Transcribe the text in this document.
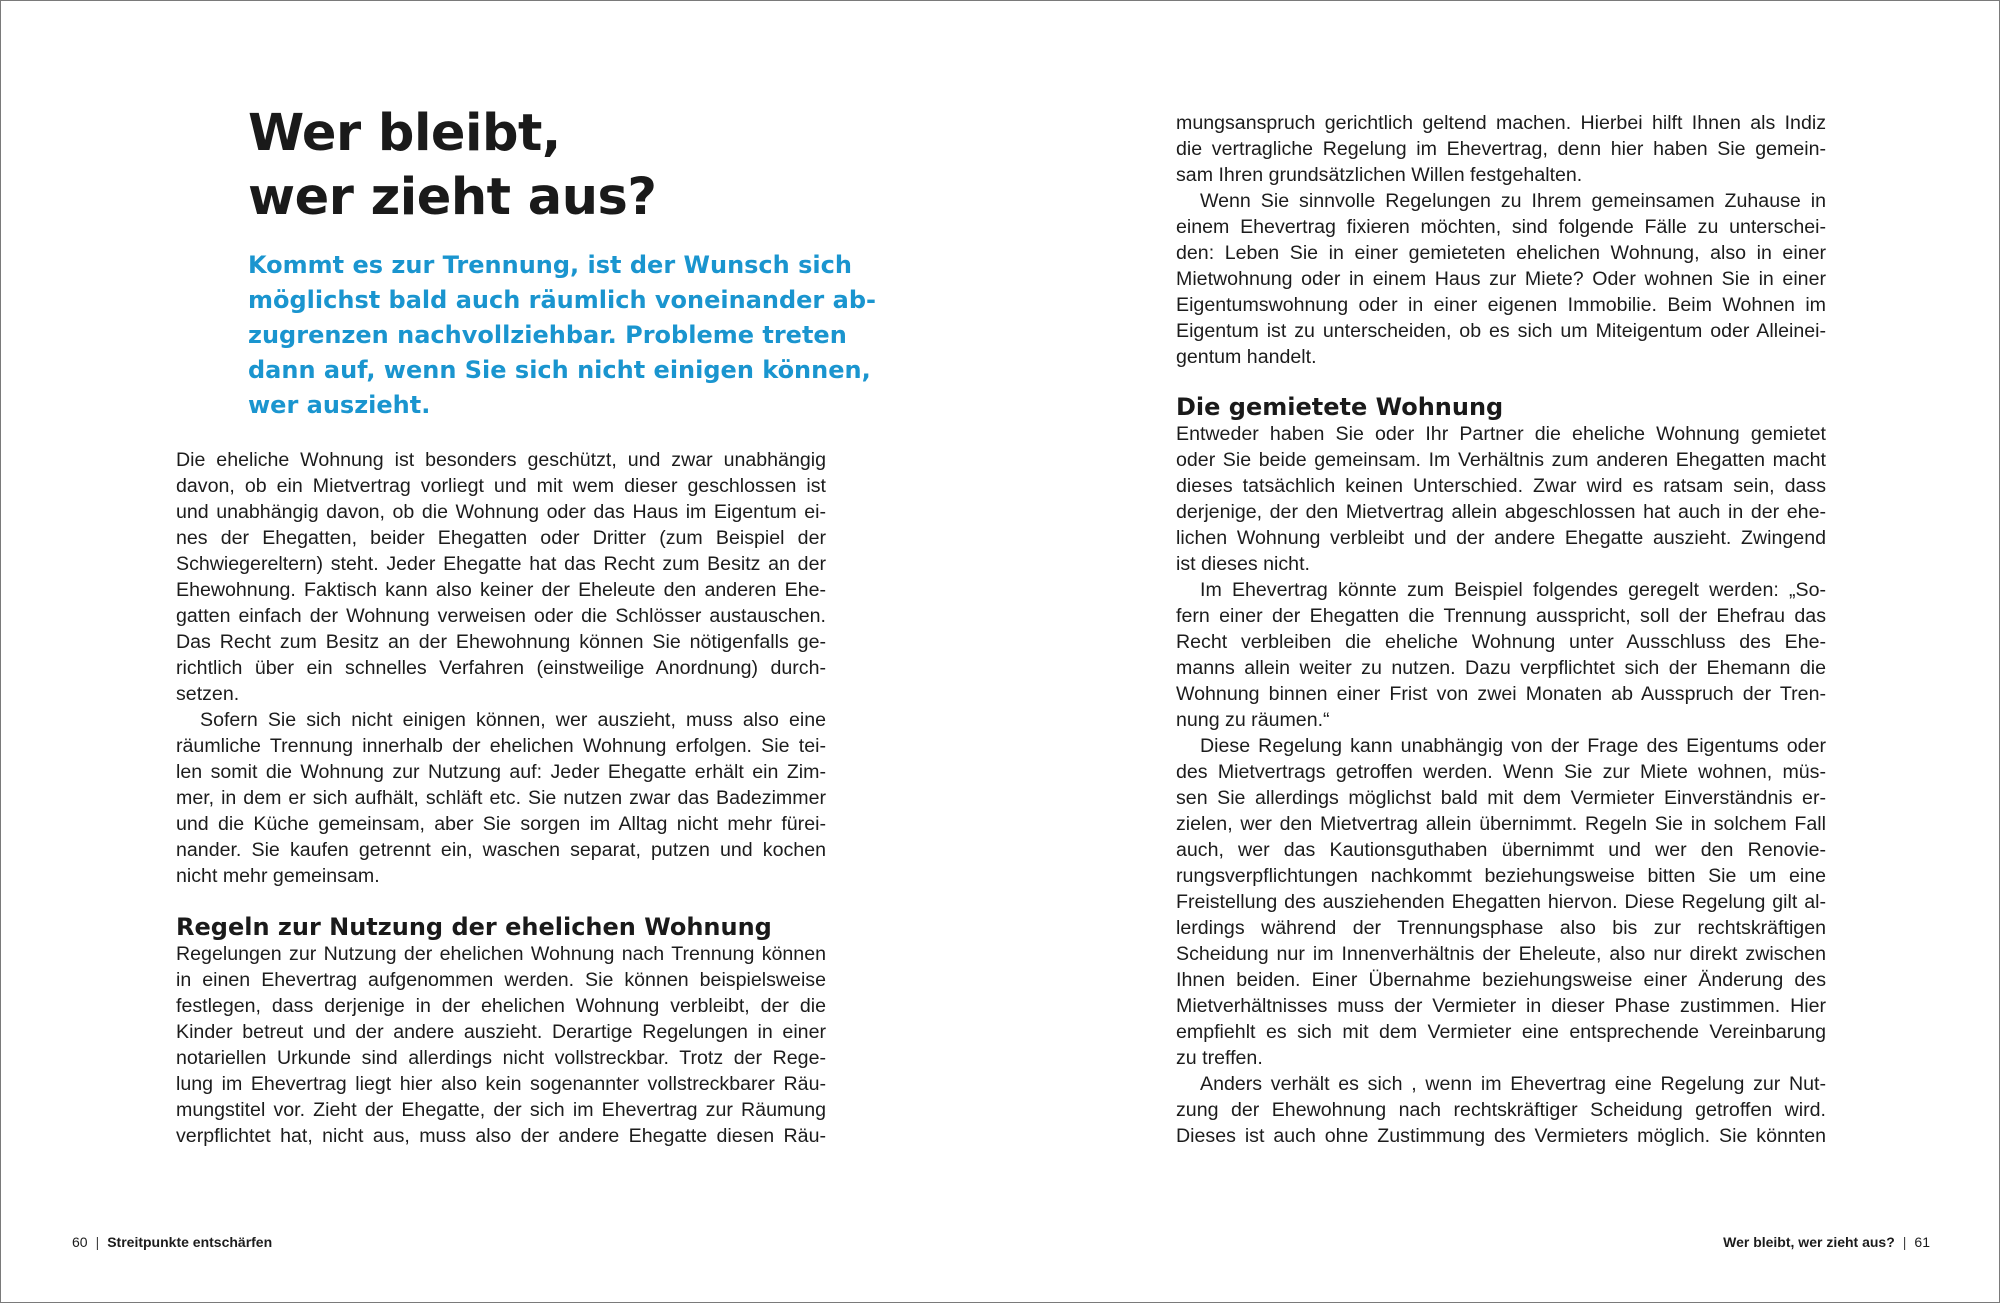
Wer bleibt,
wer zieht aus?

Kommt es zur Trennung, ist der Wunsch sich
möglichst bald auch räumlich voneinander ab-
zugrenzen nachvollziehbar. Probleme treten
dann auf, wenn Sie sich nicht einigen können,
wer auszieht.

Die eheliche Wohnung ist besonders geschützt, und zwar unabhängig
davon, ob ein Mietvertrag vorliegt und mit wem dieser geschlossen ist
und unabhängig davon, ob die Wohnung oder das Haus im Eigentum ei-
nes der Ehegatten, beider Ehegatten oder Dritter (zum Beispiel der
Schwiegereltern) steht. Jeder Ehegatte hat das Recht zum Besitz an der
Ehewohnung. Faktisch kann also keiner der Eheleute den anderen Ehe-
gatten einfach der Wohnung verweisen oder die Schlösser austauschen.
Das Recht zum Besitz an der Ehewohnung können Sie nötigenfalls ge-
richtlich über ein schnelles Verfahren (einstweilige Anordnung) durch-
setzen.
Sofern Sie sich nicht einigen können, wer auszieht, muss also eine
räumliche Trennung innerhalb der ehelichen Wohnung erfolgen. Sie tei-
len somit die Wohnung zur Nutzung auf: Jeder Ehegatte erhält ein Zim-
mer, in dem er sich aufhält, schläft etc. Sie nutzen zwar das Badezimmer
und die Küche gemeinsam, aber Sie sorgen im Alltag nicht mehr fürei-
nander. Sie kaufen getrennt ein, waschen separat, putzen und kochen
nicht mehr gemeinsam.
Regeln zur Nutzung der ehelichen Wohnung
Regelungen zur Nutzung der ehelichen Wohnung nach Trennung können
in einen Ehevertrag aufgenommen werden. Sie können beispielsweise
festlegen, dass derjenige in der ehelichen Wohnung verbleibt, der die
Kinder betreut und der andere auszieht. Derartige Regelungen in einer
notariellen Urkunde sind allerdings nicht vollstreckbar. Trotz der Rege-
lung im Ehevertrag liegt hier also kein sogenannter vollstreckbarer Räu-
mungstitel vor. Zieht der Ehegatte, der sich im Ehevertrag zur Räumung
verpflichtet hat, nicht aus, muss also der andere Ehegatte diesen Räu-
60 | Streitpunkte entschärfen
mungsanspruch gerichtlich geltend machen. Hierbei hilft Ihnen als Indiz
die vertragliche Regelung im Ehevertrag, denn hier haben Sie gemein-
sam Ihren grundsätzlichen Willen festgehalten.
Wenn Sie sinnvolle Regelungen zu Ihrem gemeinsamen Zuhause in
einem Ehevertrag fixieren möchten, sind folgende Fälle zu unterschei-
den: Leben Sie in einer gemieteten ehelichen Wohnung, also in einer
Mietwohnung oder in einem Haus zur Miete? Oder wohnen Sie in einer
Eigentumswohnung oder in einer eigenen Immobilie. Beim Wohnen im
Eigentum ist zu unterscheiden, ob es sich um Miteigentum oder Alleinei-
gentum handelt.
Die gemietete Wohnung
Entweder haben Sie oder Ihr Partner die eheliche Wohnung gemietet
oder Sie beide gemeinsam. Im Verhältnis zum anderen Ehegatten macht
dieses tatsächlich keinen Unterschied. Zwar wird es ratsam sein, dass
derjenige, der den Mietvertrag allein abgeschlossen hat auch in der ehe-
lichen Wohnung verbleibt und der andere Ehegatte auszieht. Zwingend
ist dieses nicht.
Im Ehevertrag könnte zum Beispiel folgendes geregelt werden: „So-
fern einer der Ehegatten die Trennung ausspricht, soll der Ehefrau das
Recht verbleiben die eheliche Wohnung unter Ausschluss des Ehe-
manns allein weiter zu nutzen. Dazu verpflichtet sich der Ehemann die
Wohnung binnen einer Frist von zwei Monaten ab Ausspruch der Tren-
nung zu räumen.“
Diese Regelung kann unabhängig von der Frage des Eigentums oder
des Mietvertrags getroffen werden. Wenn Sie zur Miete wohnen, müs-
sen Sie allerdings möglichst bald mit dem Vermieter Einverständnis er-
zielen, wer den Mietvertrag allein übernimmt. Regeln Sie in solchem Fall
auch, wer das Kautionsguthaben übernimmt und wer den Renovie-
rungsverpflichtungen nachkommt beziehungsweise bitten Sie um eine
Freistellung des ausziehenden Ehegatten hiervon. Diese Regelung gilt al-
lerdings während der Trennungsphase also bis zur rechtskräftigen
Scheidung nur im Innenverhältnis der Eheleute, also nur direkt zwischen
Ihnen beiden. Einer Übernahme beziehungsweise einer Änderung des
Mietverhältnisses muss der Vermieter in dieser Phase zustimmen. Hier
empfiehlt es sich mit dem Vermieter eine entsprechende Vereinbarung
zu treffen.
Anders verhält es sich , wenn im Ehevertrag eine Regelung zur Nut-
zung der Ehewohnung nach rechtskräftiger Scheidung getroffen wird.
Dieses ist auch ohne Zustimmung des Vermieters möglich. Sie könnten
Wer bleibt, wer zieht aus? | 61
